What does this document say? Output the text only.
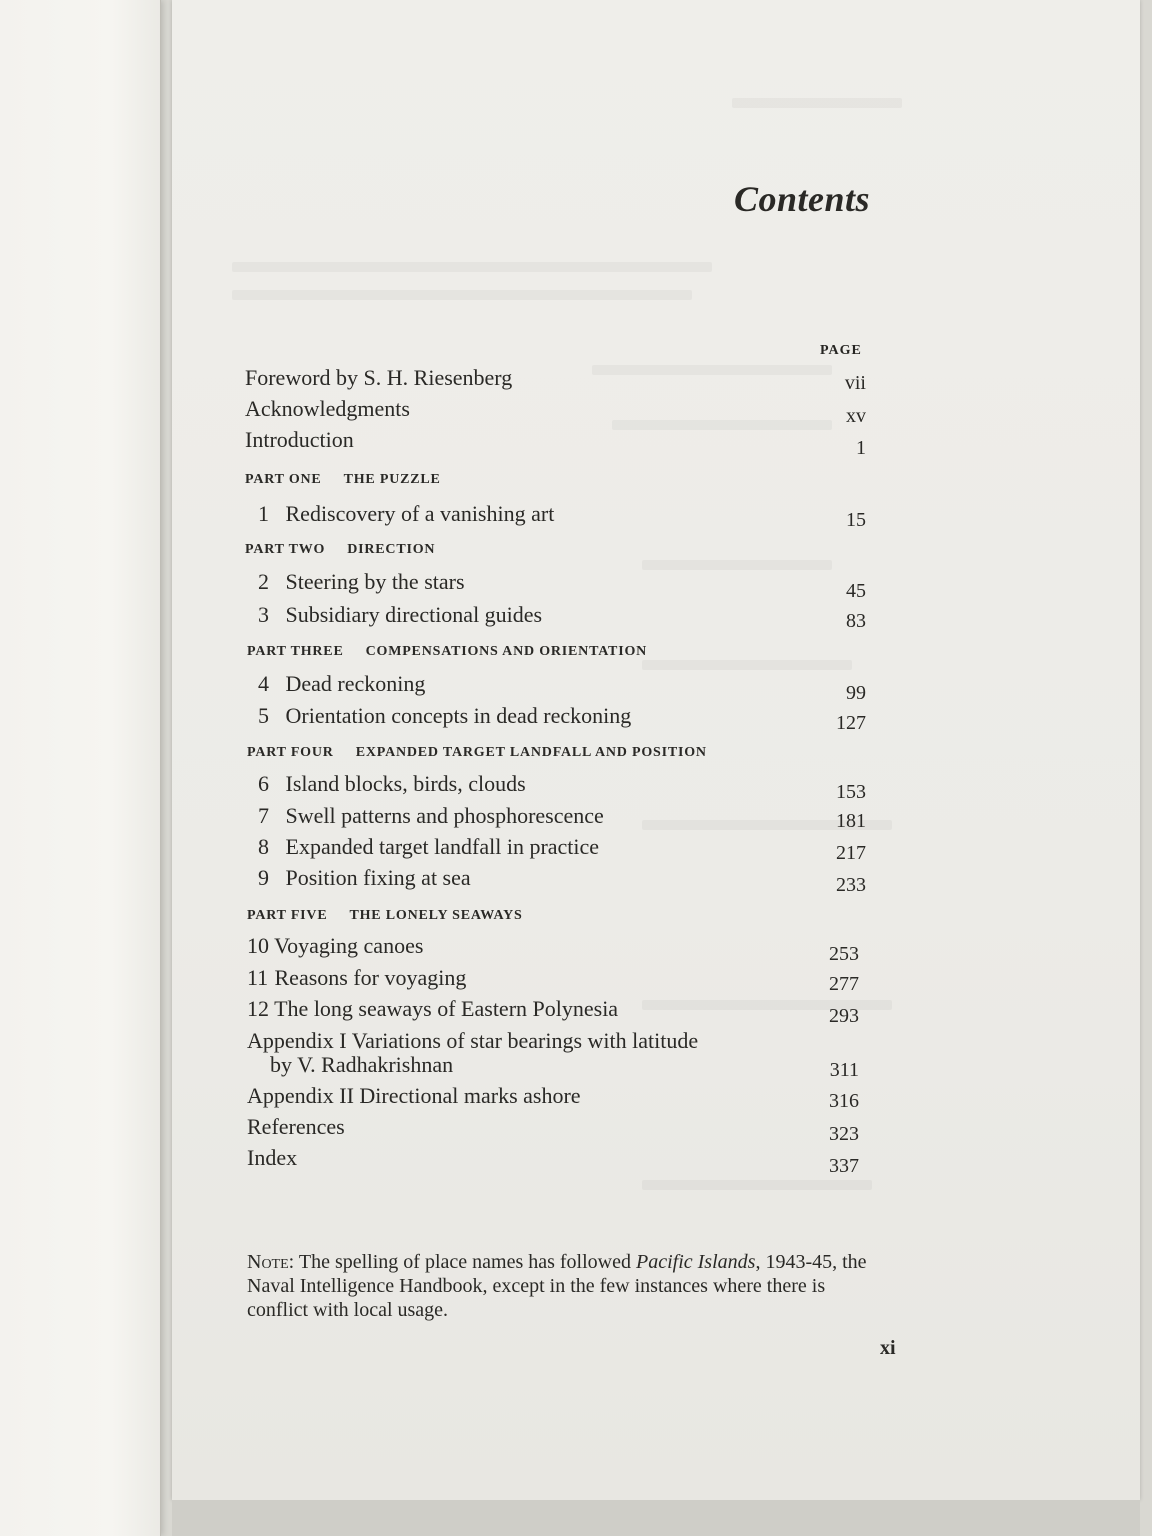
Contents
PAGE
Foreword by S. H. Riesenberg	vii
Acknowledgments	xv
Introduction	1
PART ONE THE PUZZLE
1 Rediscovery of a vanishing art	15
PART TWO DIRECTION
2 Steering by the stars	45
3 Subsidiary directional guides	83
PART THREE COMPENSATIONS AND ORIENTATION
4 Dead reckoning	99
5 Orientation concepts in dead reckoning	127
PART FOUR EXPANDED TARGET LANDFALL AND POSITION
6 Island blocks, birds, clouds	153
7 Swell patterns and phosphorescence	181
8 Expanded target landfall in practice	217
9 Position fixing at sea	233
PART FIVE THE LONELY SEAWAYS
10 Voyaging canoes	253
11 Reasons for voyaging	277
12 The long seaways of Eastern Polynesia	293
Appendix I Variations of star bearings with latitude
by V. Radhakrishnan	311
Appendix II Directional marks ashore	316
References	323
Index	337
Note: The spelling of place names has followed Pacific Islands, 1943-45, the Naval Intelligence Handbook, except in the few instances where there is conflict with local usage.
xi
